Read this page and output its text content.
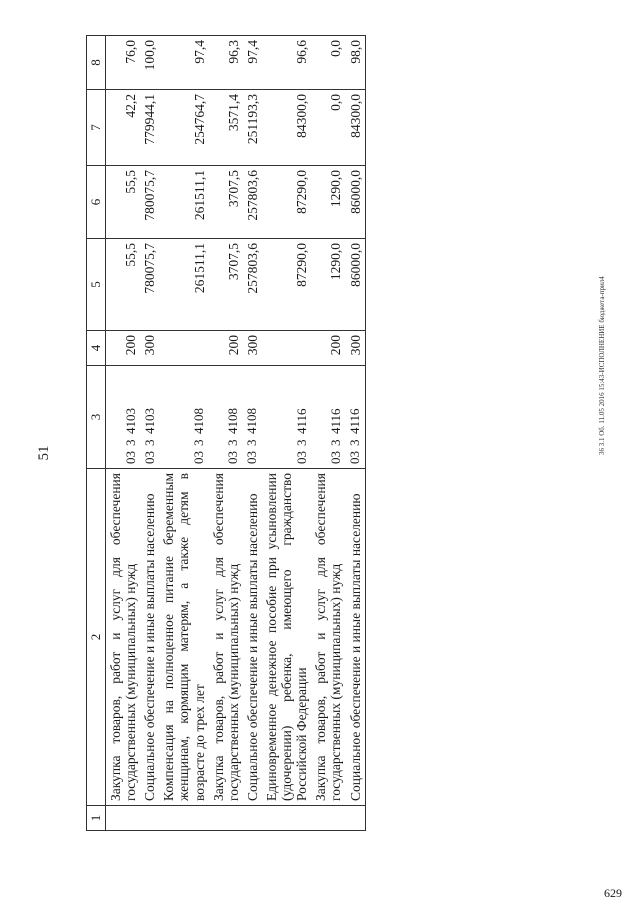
51	36 3.1 Об. 11.05 2016 15:43-ИСПОЛНЕНИЕ бюджета-прил4
629
1	2	3	4	5	6	7	8
	Закупка товаров, работ и услуг для обеспечения государственных (муниципальных) нужд	0334103	200	55,5	55,5	42,2	76,0
	Социальное обеспечение и иные выплаты населению	0334103	300	780075,7	780075,7	779944,1	100,0
	Компенсация на полноценное питание беременным женщинам, кормящим матерям, а также детям в возрасте до трех лет	0334108		261511,1	261511,1	254764,7	97,4
	Закупка товаров, работ и услуг для обеспечения государственных (муниципальных) нужд	0334108	200	3707,5	3707,5	3571,4	96,3
	Социальное обеспечение и иные выплаты населению	0334108	300	257803,6	257803,6	251193,3	97,4
	Единовременное денежное пособие при усыновлении (удочерении) ребенка, имеющего гражданство Российской Федерации	0334116		87290,0	87290,0	84300,0	96,6
	Закупка товаров, работ и услуг для обеспечения государственных (муниципальных) нужд	0334116	200	1290,0	1290,0	0,0	0,0
	Социальное обеспечение и иные выплаты населению	0334116	300	86000,0	86000,0	84300,0	98,0
